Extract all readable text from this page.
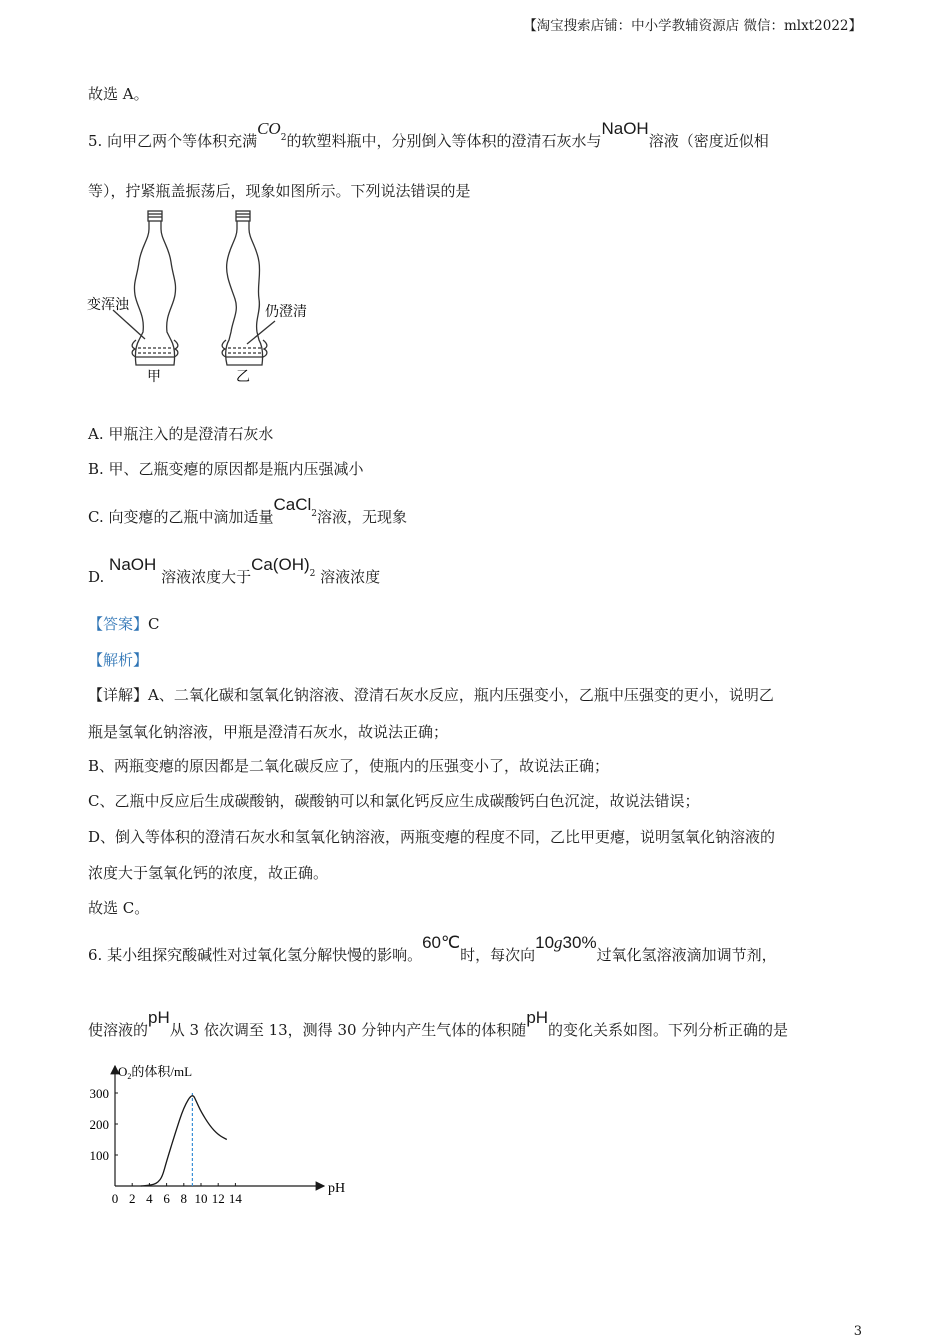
【淘宝搜索店铺：中小学教辅资源店 微信：mlxt2022】
故选 A。
5. 向甲乙两个等体积充满$CO^2$的软塑料瓶中，分别倒入等体积的澄清石灰水与NaOH溶液（密度近似相
等），拧紧瓶盖振荡后，现象如图所示。下列说法错误的是
变浑浊	仍澄清
甲	乙
A. 甲瓶注入的是澄清石灰水
B. 甲、乙瓶变瘪的原因都是瓶内压强减小
C. 向变瘪的乙瓶中滴加适量CaCl$^2$溶液，无现象
D. NaOH 溶液浓度大于Ca(OH)$^2$ 溶液浓度
【答案】C
【解析】
【详解】A、二氧化碳和氢氧化钠溶液、澄清石灰水反应，瓶内压强变小，乙瓶中压强变的更小，说明乙
瓶是氢氧化钠溶液，甲瓶是澄清石灰水，故说法正确；
B、两瓶变瘪的原因都是二氧化碳反应了，使瓶内的压强变小了，故说法正确；
C、乙瓶中反应后生成碳酸钠，碳酸钠可以和氯化钙反应生成碳酸钙白色沉淀，故说法错误；
D、倒入等体积的澄清石灰水和氢氧化钠溶液，两瓶变瘪的程度不同，乙比甲更瘪，说明氢氧化钠溶液的
浓度大于氢氧化钙的浓度，故正确。
故选 C。
6. 某小组探究酸碱性对过氧化氢分解快慢的影响。60℃时，每次向10g30%过氧化氢溶液滴加调节剂，
使溶液的pH从 3 依次调至 13，测得 30 分钟内产生气体的体积随pH的变化关系如图。下列分析正确的是
$O_2$的体积/mL
pH
0 2 4 6 8 10 12 14
100
200
300
3
